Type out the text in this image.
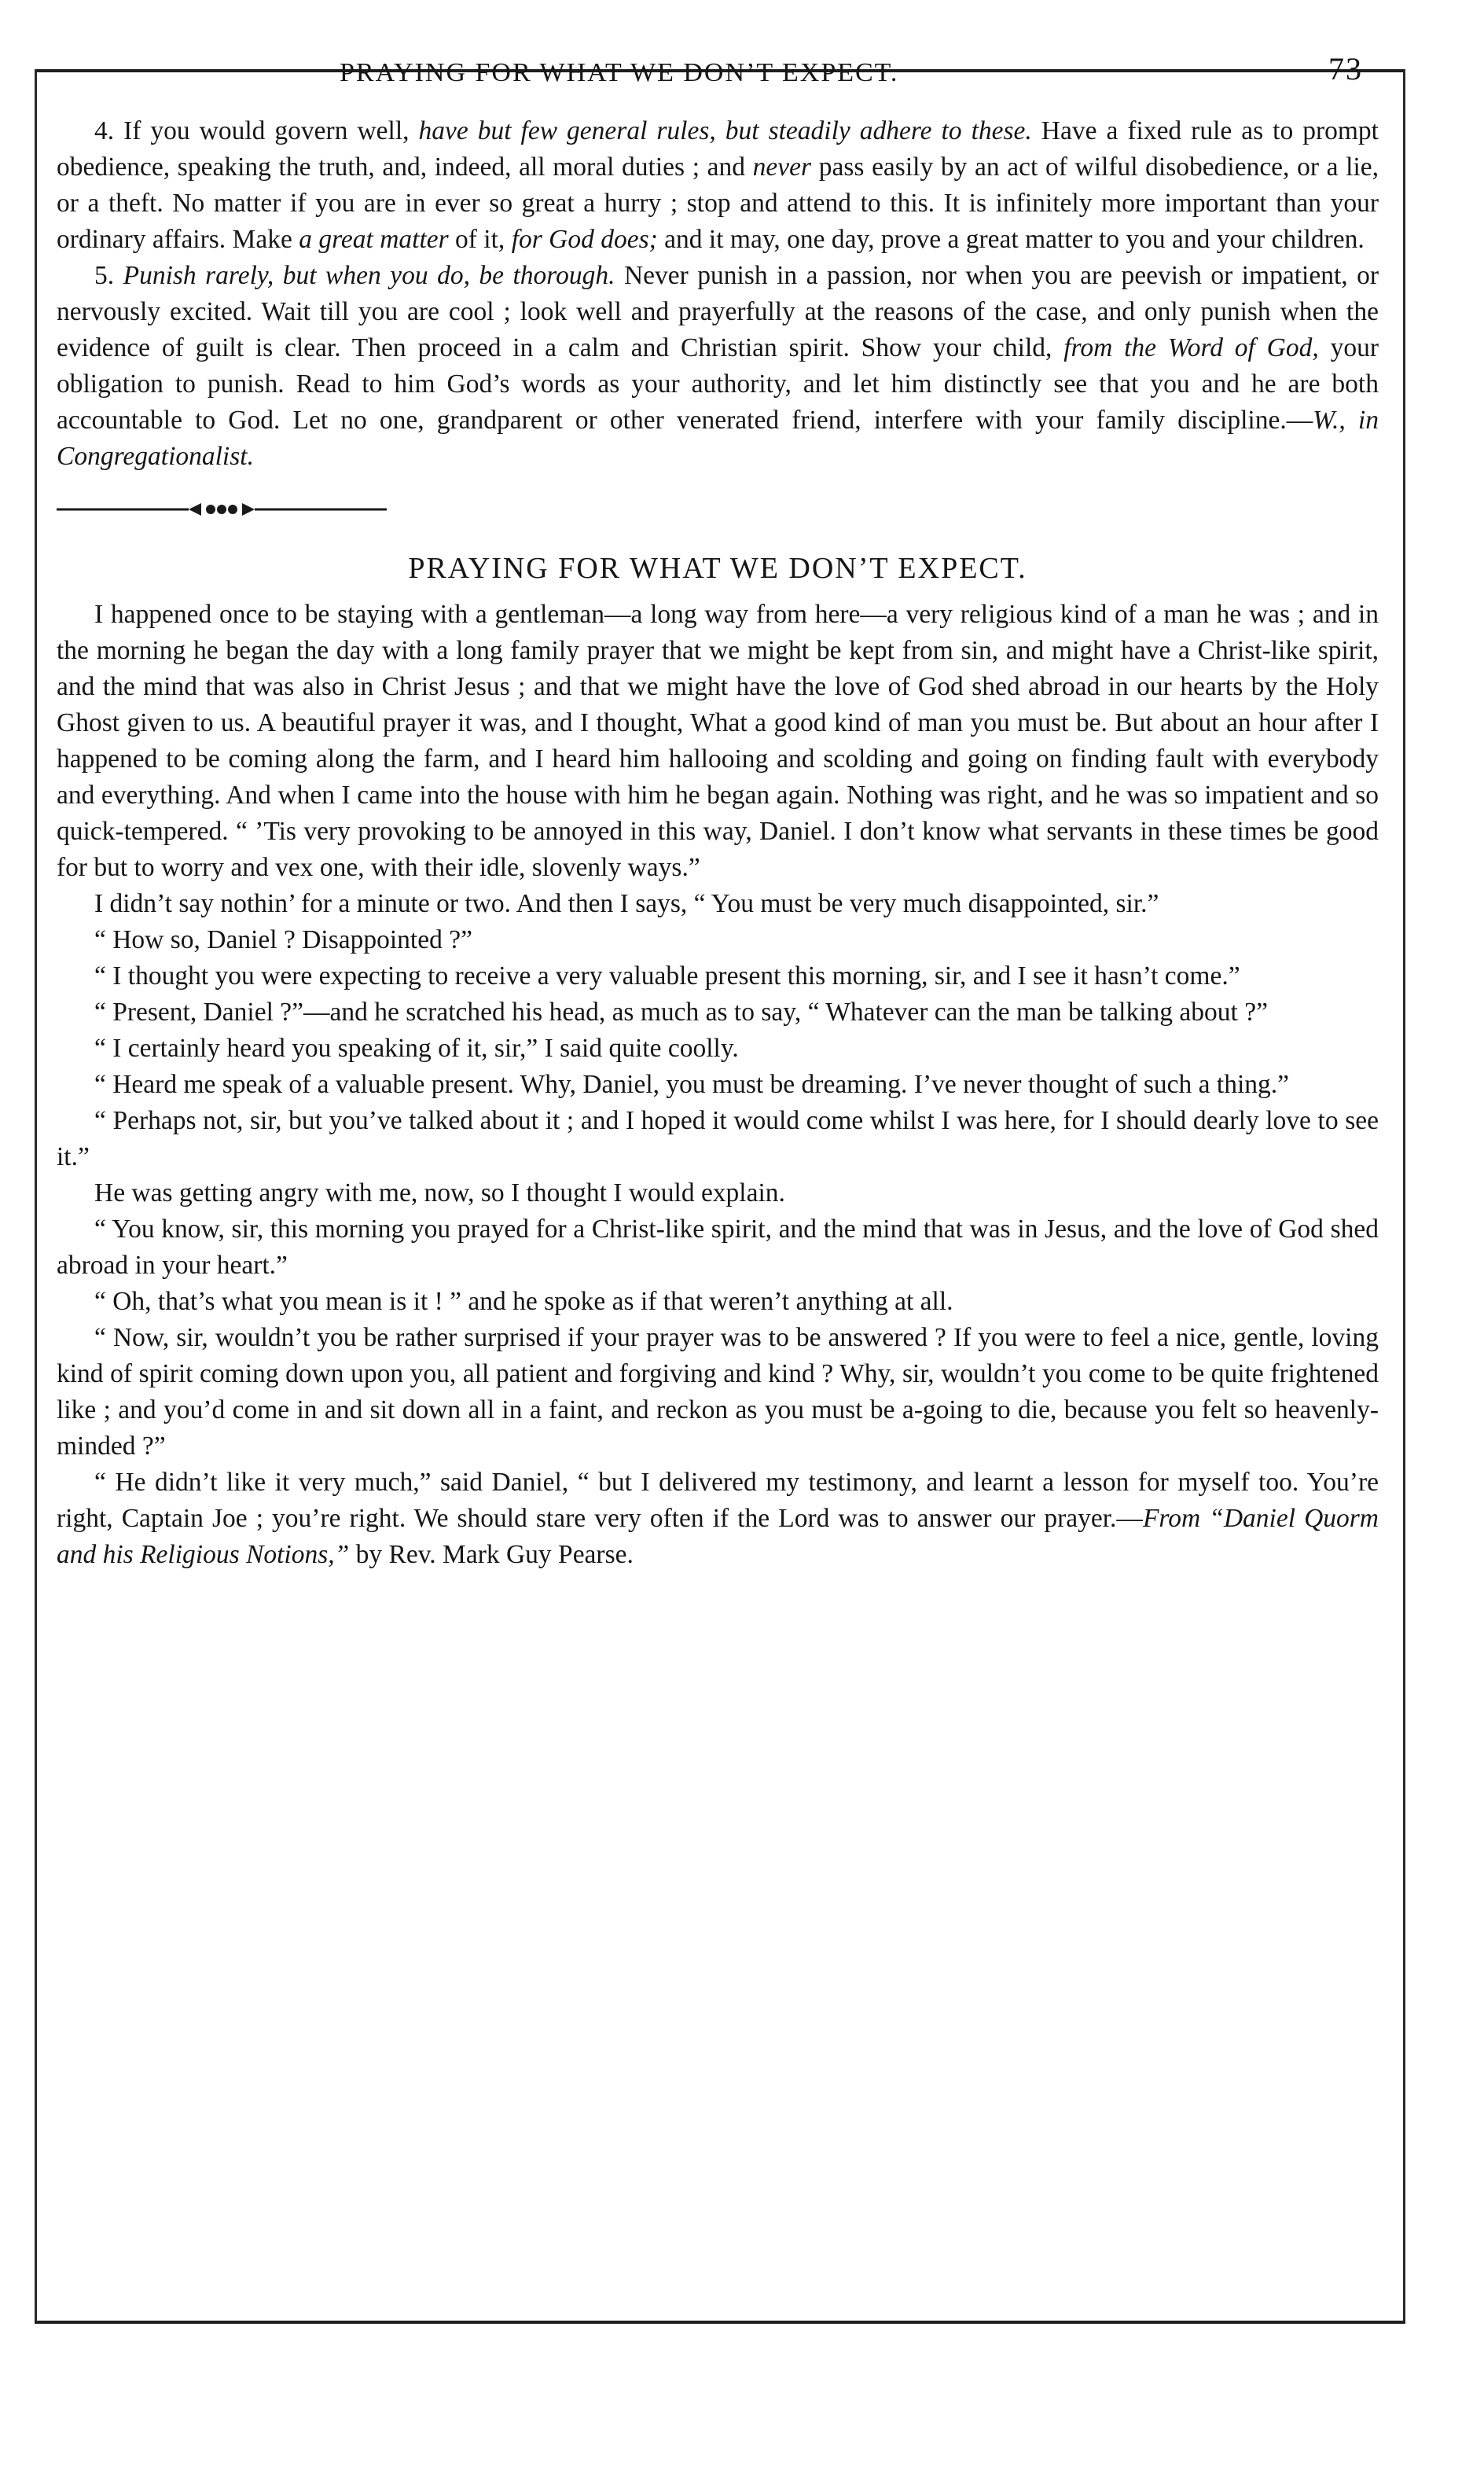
PRAYING FOR WHAT WE DON’T EXPECT.	73

4. If you would govern well, have but few general rules, but steadily adhere to these. Have a fixed rule as to prompt obedience, speaking the truth, and, indeed, all moral duties ; and never pass easily by an act of wilful disobedience, or a lie, or a theft. No matter if you are in ever so great a hurry ; stop and attend to this. It is infinitely more important than your ordinary affairs. Make a great matter of it, for God does; and it may, one day, prove a great matter to you and your children.

5. Punish rarely, but when you do, be thorough. Never punish in a passion, nor when you are peevish or impatient, or nervously excited. Wait till you are cool ; look well and prayerfully at the reasons of the case, and only punish when the evidence of guilt is clear. Then proceed in a calm and Christian spirit. Show your child, from the Word of God, your obligation to punish. Read to him God’s words as your authority, and let him distinctly see that you and he are both accountable to God. Let no one, grandparent or other venerated friend, interfere with your family discipline.—W., in Congregationalist.

PRAYING FOR WHAT WE DON’T EXPECT.

I happened once to be staying with a gentleman—a long way from here—a very religious kind of a man he was ; and in the morning he began the day with a long family prayer that we might be kept from sin, and might have a Christ-like spirit, and the mind that was also in Christ Jesus ; and that we might have the love of God shed abroad in our hearts by the Holy Ghost given to us. A beautiful prayer it was, and I thought, What a good kind of man you must be. But about an hour after I happened to be coming along the farm, and I heard him hallooing and scolding and going on finding fault with everybody and everything. And when I came into the house with him he began again. Nothing was right, and he was so impatient and so quick-tempered. “ ’Tis very provoking to be annoyed in this way, Daniel. I don’t know what servants in these times be good for but to worry and vex one, with their idle, slovenly ways.”

I didn’t say nothin’ for a minute or two. And then I says, “ You must be very much disappointed, sir.”

“ How so, Daniel ? Disappointed ?”

“ I thought you were expecting to receive a very valuable present this morning, sir, and I see it hasn’t come.”

“ Present, Daniel ?”—and he scratched his head, as much as to say, “ Whatever can the man be talking about ?”

“ I certainly heard you speaking of it, sir,” I said quite coolly.

“ Heard me speak of a valuable present. Why, Daniel, you must be dreaming. I’ve never thought of such a thing.”

“ Perhaps not, sir, but you’ve talked about it ; and I hoped it would come whilst I was here, for I should dearly love to see it.”

He was getting angry with me, now, so I thought I would explain.

“ You know, sir, this morning you prayed for a Christ-like spirit, and the mind that was in Jesus, and the love of God shed abroad in your heart.”

“ Oh, that’s what you mean is it ! ” and he spoke as if that weren’t anything at all.

“ Now, sir, wouldn’t you be rather surprised if your prayer was to be answered ? If you were to feel a nice, gentle, loving kind of spirit coming down upon you, all patient and forgiving and kind ? Why, sir, wouldn’t you come to be quite frightened like ; and you’d come in and sit down all in a faint, and reckon as you must be a-going to die, because you felt so heavenly-minded ?”

“ He didn’t like it very much,” said Daniel, “ but I delivered my testimony, and learnt a lesson for myself too. You’re right, Captain Joe ; you’re right. We should stare very often if the Lord was to answer our prayer.—From “Daniel Quorm and his Religious Notions,” by Rev. Mark Guy Pearse.
